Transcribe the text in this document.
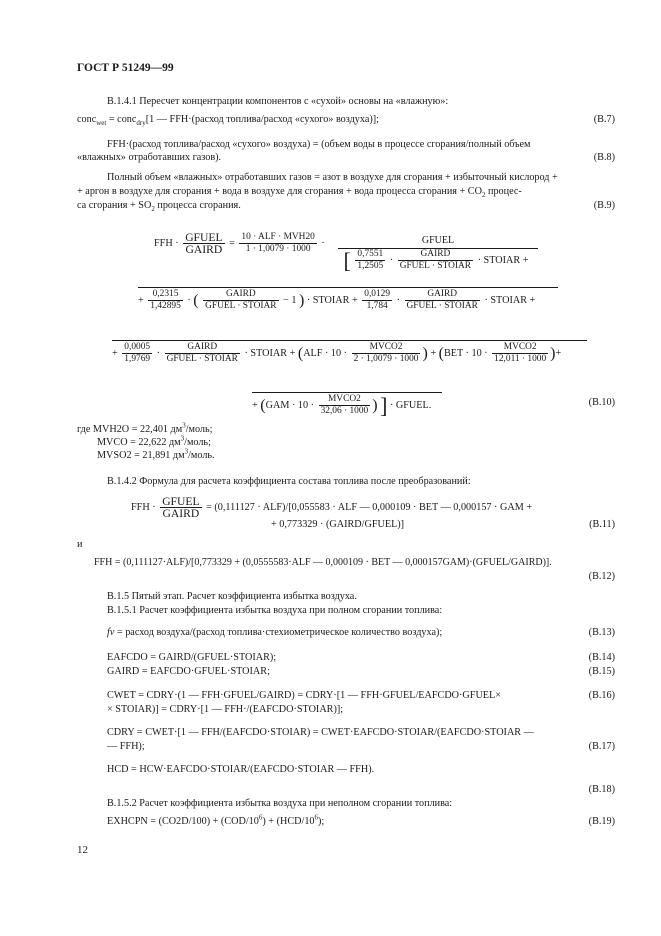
ГОСТ Р 51249—99
В.1.4.1 Пересчет концентрации компонентов с «сухой» основы на «влажную»:
conc$_{wet}$ = conc$_{dry}$[1 — FFH·(расход топлива/расход «сухого» воздуха)];	(В.7)
FFH·(расход топлива/расход «сухого» воздуха) = (объем воды в процессе сгорания/полный объем
«влажных» отработавших газов).	(В.8)
Полный объем «влажных» отработавших газов = азот в воздухе для сгорания + избыточный кислород +
+ аргон в воздухе для сгорания + вода в воздухе для сгорания + вода процесса сгорания + $CO_2$ процес-
са сгорания + $SO_2$ процесса сгорания.	(В.9)
FFH · $\frac{\text{GFUEL}}{\text{GAIRD}} = \frac{\text{10 · ALF · MVH20}}{1 \cdot 1,0079 \cdot 1000}$ ·	GFUEL
[ $\frac{0,7551}{1,2505} \cdot \frac{\text{GAIRD}}{\text{GFUEL · STOIAR}}$ · STOIAR +
+ $\frac{0,2315}{1,42895}$ · ( $\frac{\text{GAIRD}}{\text{GFUEL · STOIAR}} - 1$ ) · STOIAR + $\frac{0,0129}{1,784} \cdot \frac{\text{GAIRD}}{\text{GFUEL · STOIAR}}$ · STOIAR +
+ $\frac{0,0005}{1,9769} \cdot \frac{\text{GAIRD}}{\text{GFUEL · STOIAR}}$ · STOIAR + ($ALF \cdot 10 \cdot \frac{\text{MVCO2}}{2 \cdot 1,0079 \cdot 1000}$ ) + ($BET \cdot 10 \cdot \frac{\text{MVCO2}}{12,011 \cdot 1000}$ )+
+ ($GAM \cdot 10 \cdot \frac{\text{MVCO2}}{32,06 \cdot 1000}$ ) ] · GFUEL.	(В.10)
где MVH2O = 22,401 $дм^3$/моль;
MVCO = 22,622 $дм^3$/моль;
MVSO2 = 21,891 $дм^3$/моль.
В.1.4.2 Формула для расчета коэффициента состава топлива после преобразований:
FFH · $\frac{\text{GFUEL}}{\text{GAIRD}} = (0,111127 \cdot ALF)/[0,055583$ · ALF — 0,000109 · BET — 0,000157 · GAM +
+ 0,773329 · (GAIRD/GFUEL)]	(В.11)
и
FFH = (0,111127·ALF)/[0,773329 + (0,0555583·ALF — 0,000109 · BET — 0,000157GAM)·(GFUEL/GAIRD)].
(В.12)
В.1.5 Пятый этап. Расчет коэффициента избытка воздуха.
В.1.5.1 Расчет коэффициента избытка воздуха при полном сгорании топлива:
fv = расход воздуха/(расход топлива·стехиометрическое количество воздуха);	(В.13)
EAFCDO = GAIRD/(GFUEL·STOIAR);	(В.14)
GAIRD = EAFCDO·GFUEL·STOIAR;	(В.15)
CWET = CDRY·(1 — FFH·GFUEL/GAIRD) = CDRY·[1 — FFH·GFUEL/EAFCDO·GFUEL×	(В.16)
× STOIAR)] = CDRY·[1 — FFH·/(EAFCDO·STOIAR)];
CDRY = CWET·[1 — FFH/(EAFCDO·STOIAR) = CWET·EAFCDO·STOIAR/(EAFCDO·STOIAR —
— FFH);	(В.17)
HCD = HCW·EAFCDO·STOIAR/(EAFCDO·STOIAR — FFH).
(В.18)
В.1.5.2 Расчет коэффициента избытка воздуха при неполном сгорании топлива:
EXHCPN = $(CO2D/100) + (COD/10^6) + (HCD/10^6)$;	(В.19)
12
